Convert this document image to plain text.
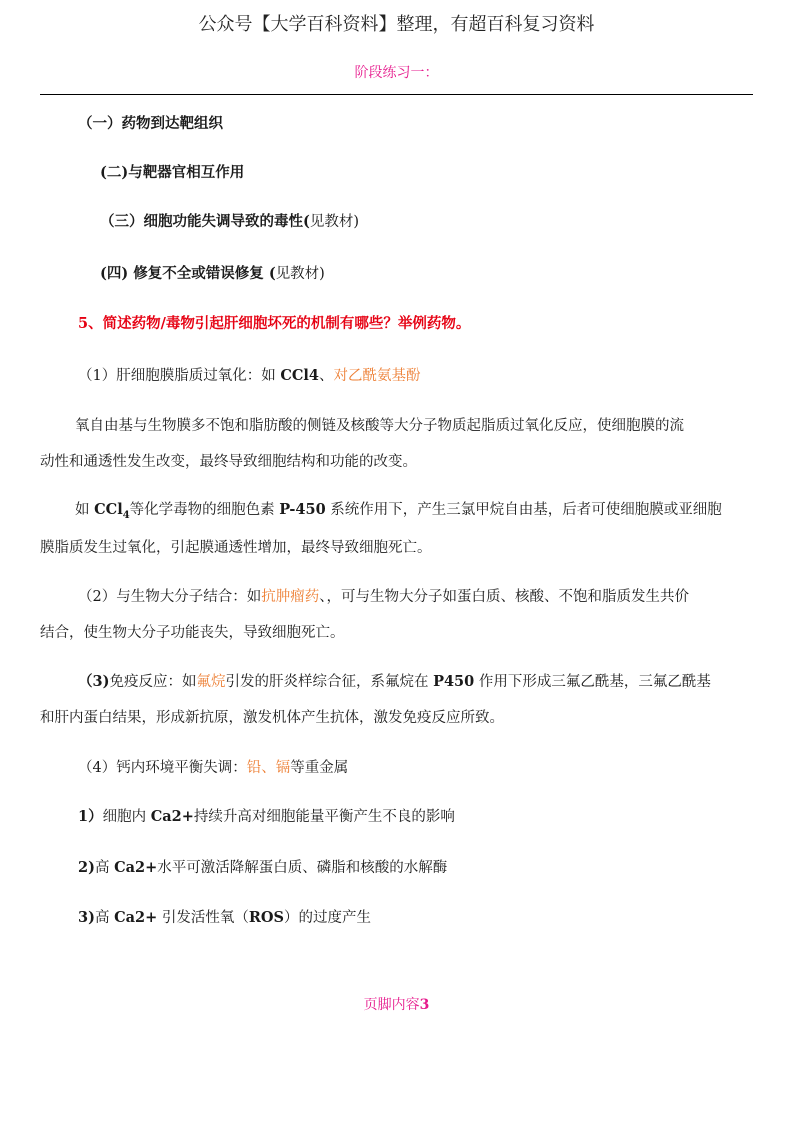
公众号【大学百科资料】整理，有超百科复习资料
阶段练习一：
（一）药物到达靶组织
(二)与靶器官相互作用
（三）细胞功能失调导致的毒性(见教材)
(四) 修复不全或错误修复 (见教材)
5、简述药物/毒物引起肝细胞坏死的机制有哪些？举例药物。
（1）肝细胞膜脂质过氧化：如 CCl4、对乙酰氨基酚
氧自由基与生物膜多不饱和脂肪酸的侧链及核酸等大分子物质起脂质过氧化反应，使细胞膜的流
动性和通透性发生改变，最终导致细胞结构和功能的改变。
如 CCl$_4$等化学毒物的细胞色素 P-450 系统作用下，产生三氯甲烷自由基，后者可使细胞膜或亚细胞
膜脂质发生过氧化，引起膜通透性增加，最终导致细胞死亡。
（2）与生物大分子结合：如抗肿瘤药、，可与生物大分子如蛋白质、核酸、不饱和脂质发生共价
结合，使生物大分子功能丧失，导致细胞死亡。
（3)免疫反应：如氟烷引发的肝炎样综合征，系氟烷在 P450 作用下形成三氟乙酰基，三氟乙酰基
和肝内蛋白结果，形成新抗原，激发机体产生抗体，激发免疫反应所致。
（4）钙内环境平衡失调：铅、镉等重金属
1）细胞内 Ca2+持续升高对细胞能量平衡产生不良的影响
2)高 Ca2+水平可激活降解蛋白质、磷脂和核酸的水解酶
3)高 Ca2+ 引发活性氧（ROS）的过度产生
页脚内容3
